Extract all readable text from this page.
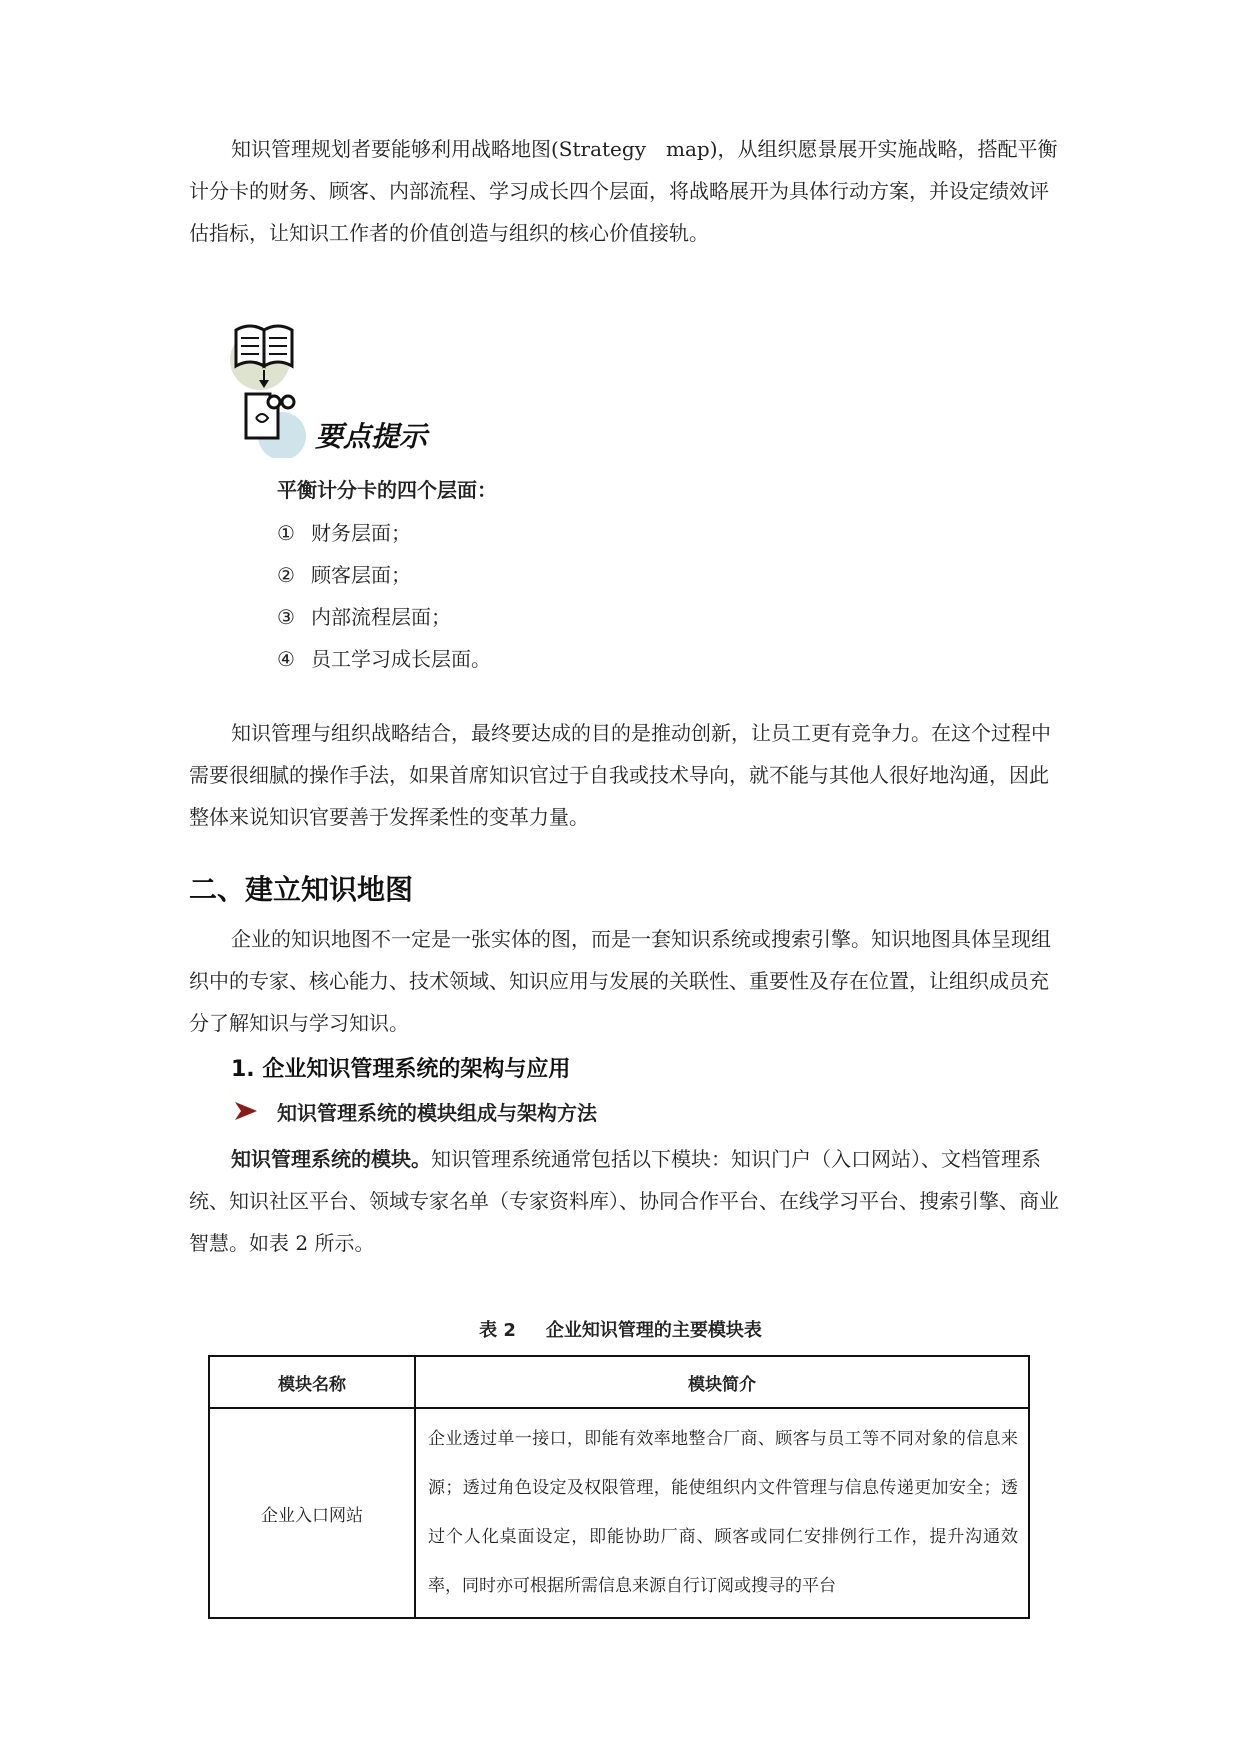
知识管理规划者要能够利用战略地图(Strategy　map)，从组织愿景展开实施战略，搭配平衡计分卡的财务、顾客、内部流程、学习成长四个层面，将战略展开为具体行动方案，并设定绩效评估指标，让知识工作者的价值创造与组织的核心价值接轨。

要点提示
平衡计分卡的四个层面：
① 财务层面；
② 顾客层面；
③ 内部流程层面；
④ 员工学习成长层面。

知识管理与组织战略结合，最终要达成的目的是推动创新，让员工更有竞争力。在这个过程中需要很细腻的操作手法，如果首席知识官过于自我或技术导向，就不能与其他人很好地沟通，因此整体来说知识官要善于发挥柔性的变革力量。

二、建立知识地图

企业的知识地图不一定是一张实体的图，而是一套知识系统或搜索引擎。知识地图具体呈现组织中的专家、核心能力、技术领域、知识应用与发展的关联性、重要性及存在位置，让组织成员充分了解知识与学习知识。

1. 企业知识管理系统的架构与应用
知识管理系统的模块组成与架构方法

知识管理系统的模块。知识管理系统通常包括以下模块：知识门户（入口网站）、文档管理系统、知识社区平台、领域专家名单（专家资料库）、协同合作平台、在线学习平台、搜索引擎、商业智慧。如表 2 所示。

表 2 企业知识管理的主要模块表
模块名称	模块简介
企业入口网站	企业透过单一接口，即能有效率地整合厂商、顾客与员工等不同对象的信息来源；透过角色设定及权限管理，能使组织内文件管理与信息传递更加安全；透过个人化桌面设定，即能协助厂商、顾客或同仁安排例行工作，提升沟通效率，同时亦可根据所需信息来源自行订阅或搜寻的平台
